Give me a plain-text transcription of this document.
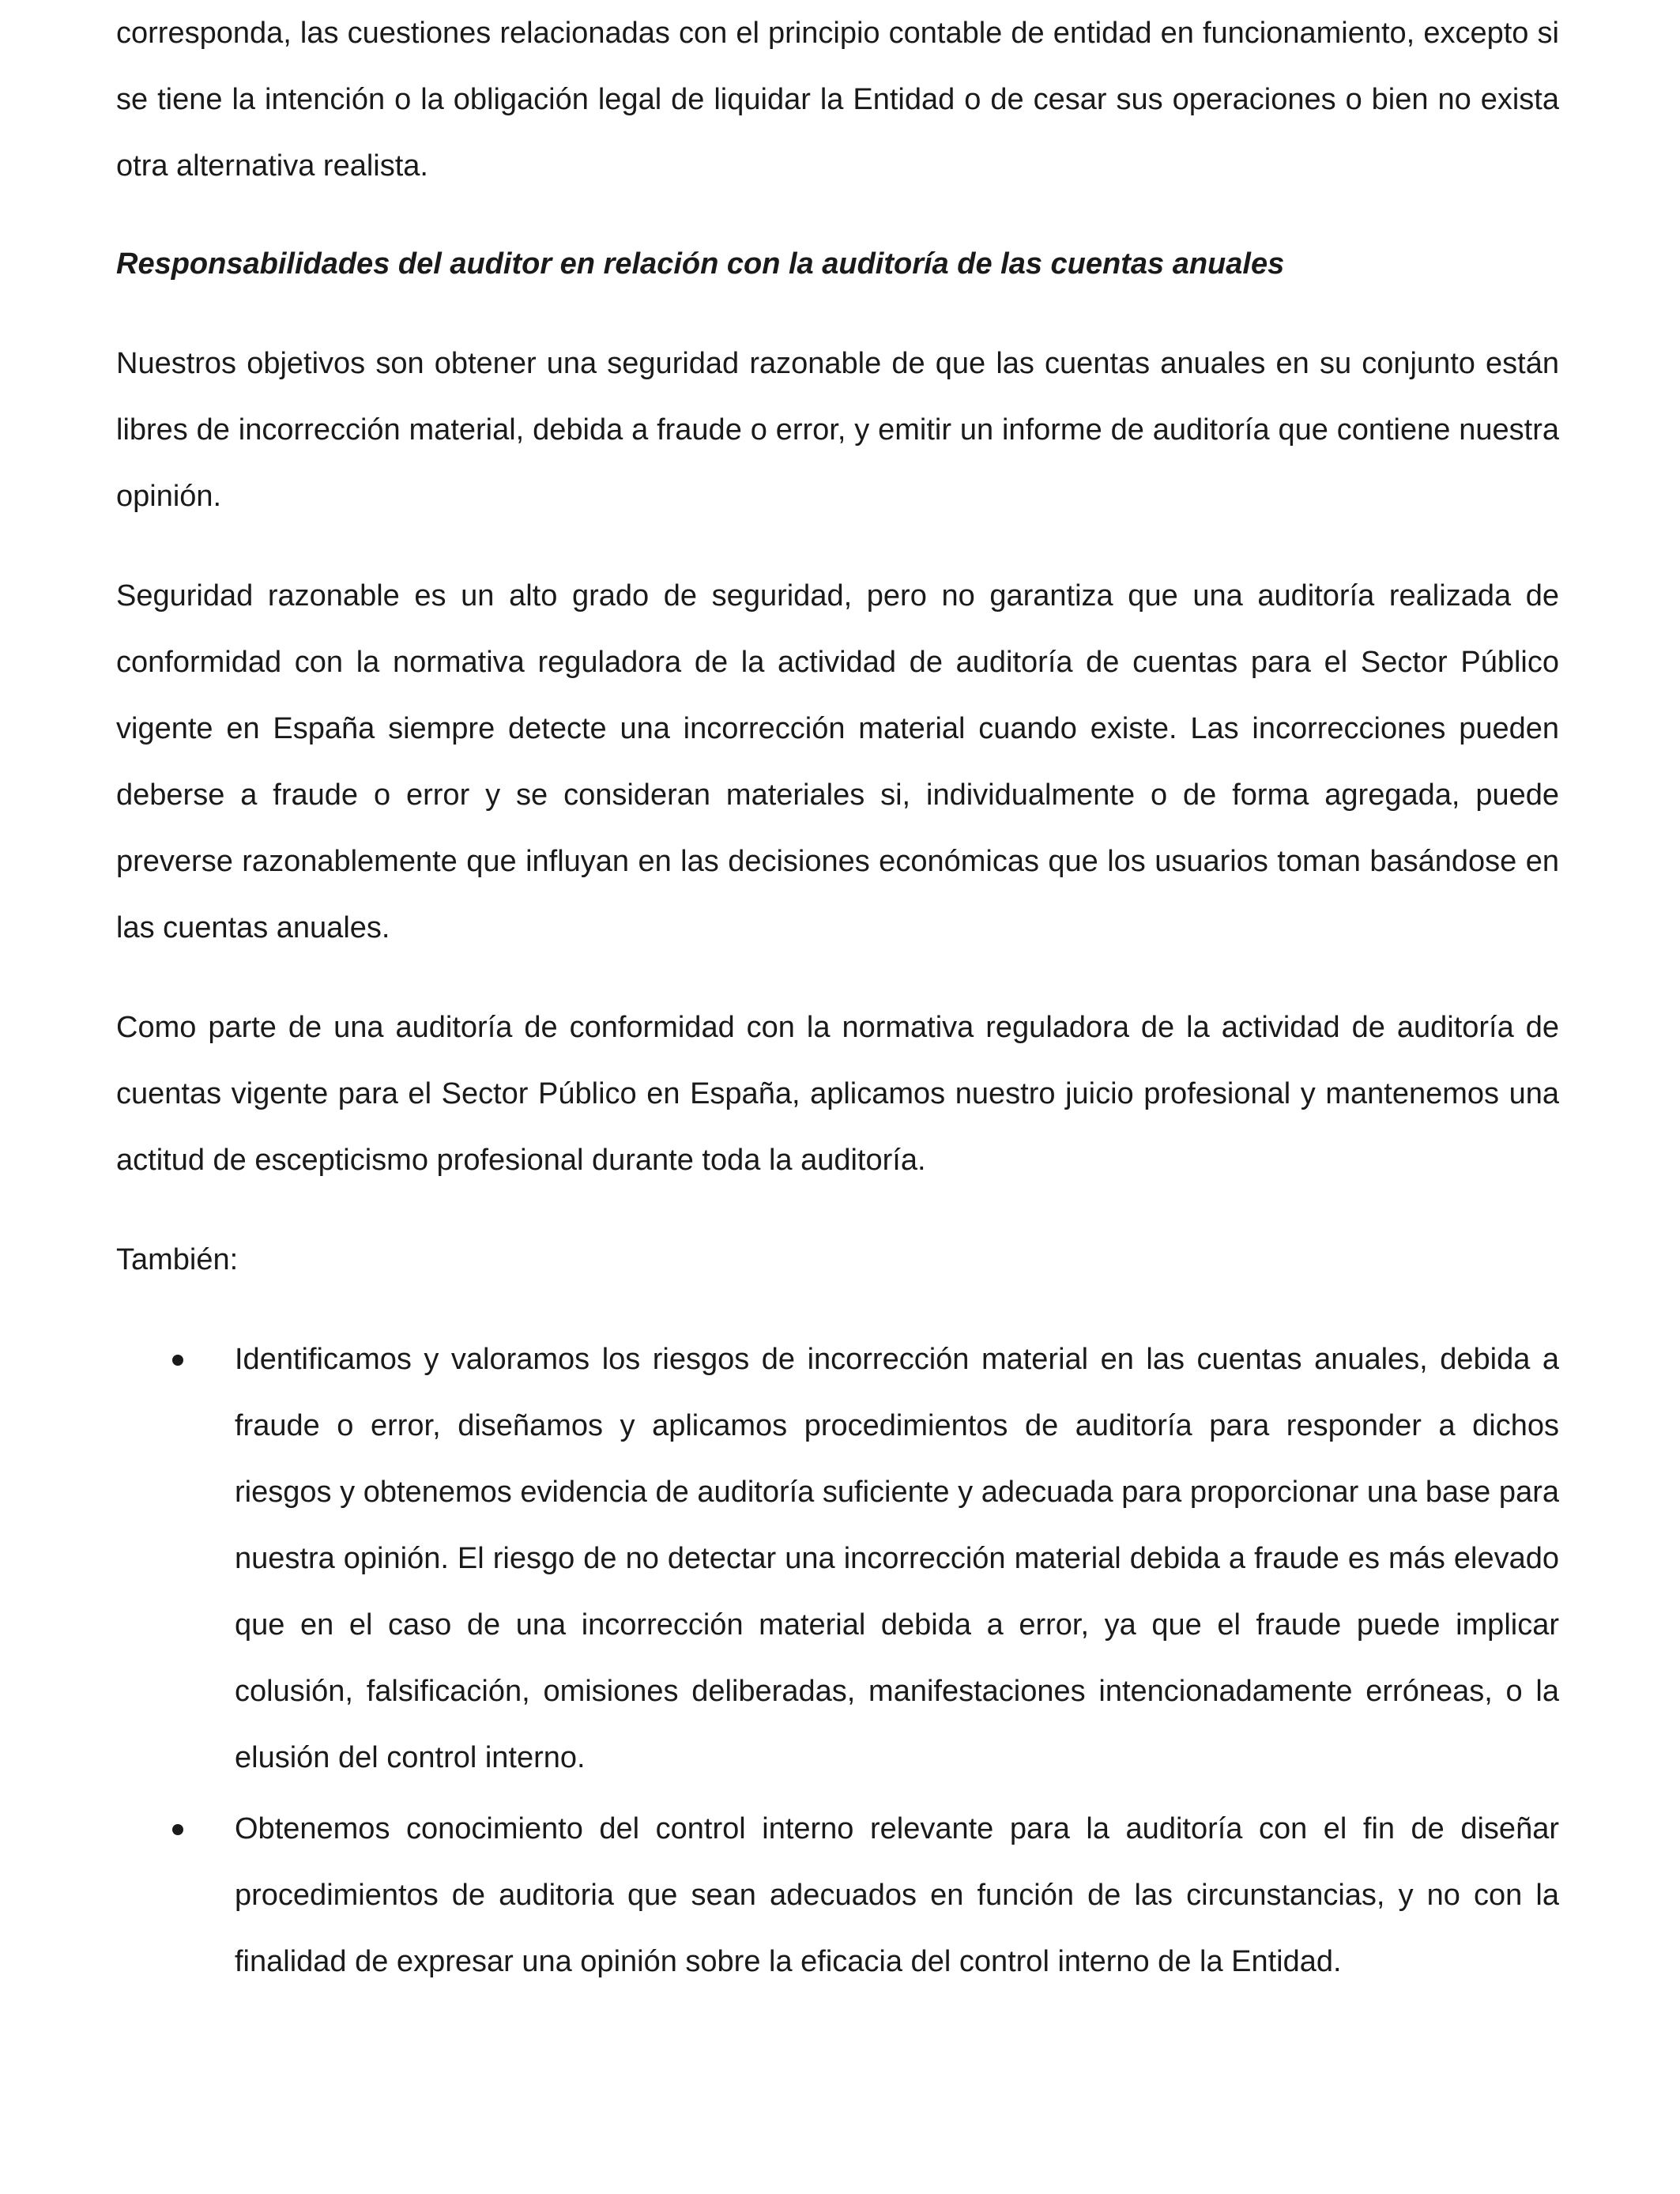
corresponda, las cuestiones relacionadas con el principio contable de entidad en funcionamiento, excepto si se tiene la intención o la obligación legal de liquidar la Entidad o de cesar sus operaciones o bien no exista otra alternativa realista.

Responsabilidades del auditor en relación con la auditoría de las cuentas anuales

Nuestros objetivos son obtener una seguridad razonable de que las cuentas anuales en su conjunto están libres de incorrección material, debida a fraude o error, y emitir un informe de auditoría que contiene nuestra opinión.

Seguridad razonable es un alto grado de seguridad, pero no garantiza que una auditoría realizada de conformidad con la normativa reguladora de la actividad de auditoría de cuentas para el Sector Público vigente en España siempre detecte una incorrección material cuando existe. Las incorrecciones pueden deberse a fraude o error y se consideran materiales si, individualmente o de forma agregada, puede preverse razonablemente que influyan en las decisiones económicas que los usuarios toman basándose en las cuentas anuales.

Como parte de una auditoría de conformidad con la normativa reguladora de la actividad de auditoría de cuentas vigente para el Sector Público en España, aplicamos nuestro juicio profesional y mantenemos una actitud de escepticismo profesional durante toda la auditoría.

También:

Identificamos y valoramos los riesgos de incorrección material en las cuentas anuales, debida a fraude o error, diseñamos y aplicamos procedimientos de auditoría para responder a dichos riesgos y obtenemos evidencia de auditoría suficiente y adecuada para proporcionar una base para nuestra opinión. El riesgo de no detectar una incorrección material debida a fraude es más elevado que en el caso de una incorrección material debida a error, ya que el fraude puede implicar colusión, falsificación, omisiones deliberadas, manifestaciones intencionadamente erróneas, o la elusión del control interno.
Obtenemos conocimiento del control interno relevante para la auditoría con el fin de diseñar procedimientos de auditoria que sean adecuados en función de las circunstancias, y no con la finalidad de expresar una opinión sobre la eficacia del control interno de la Entidad.
